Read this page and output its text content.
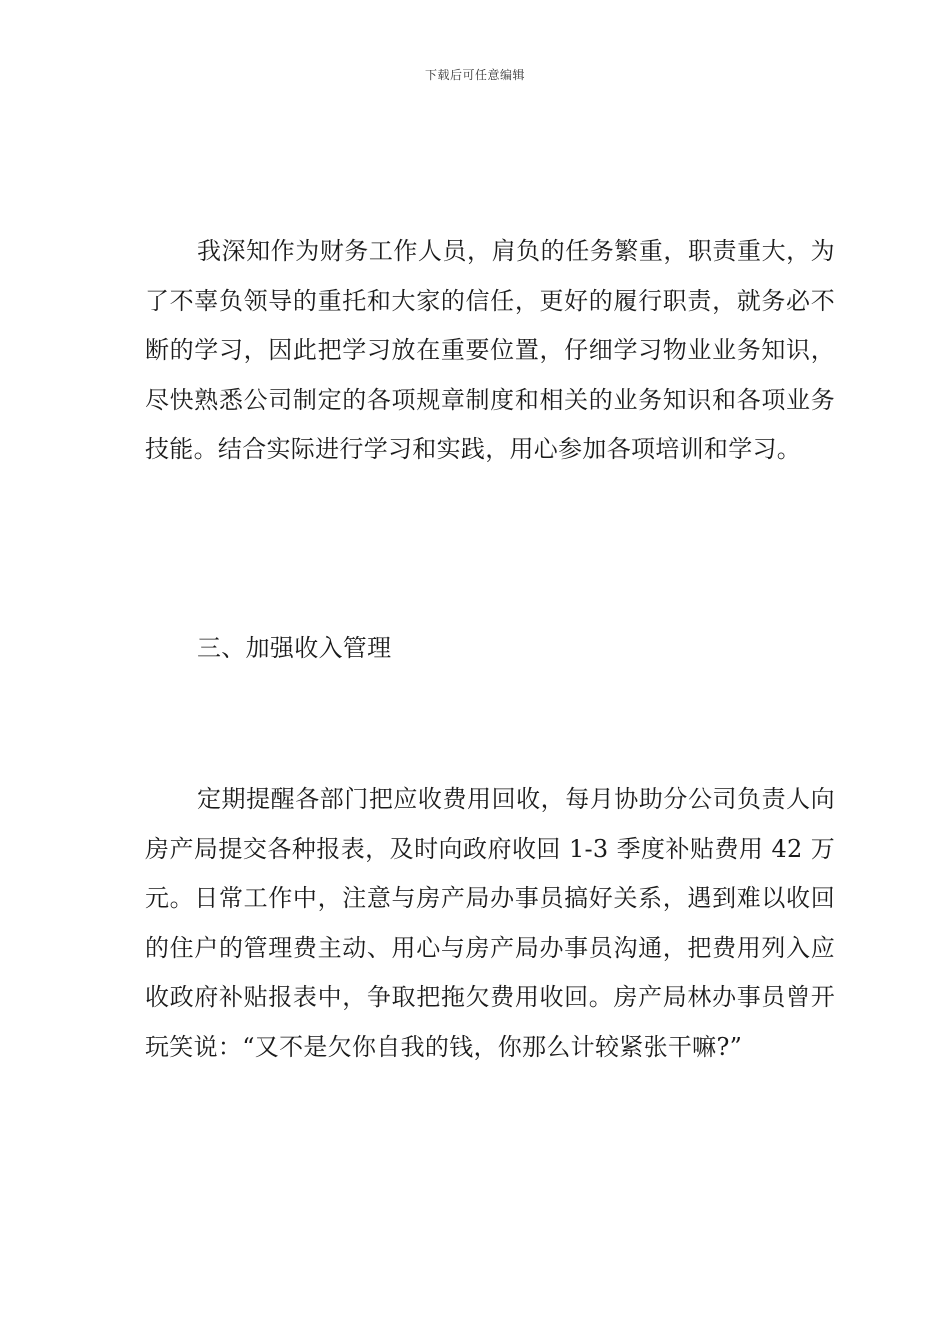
下载后可任意编辑

我深知作为财务工作人员，肩负的任务繁重，职责重大，为了不辜负领导的重托和大家的信任，更好的履行职责，就务必不断的学习，因此把学习放在重要位置，仔细学习物业业务知识，尽快熟悉公司制定的各项规章制度和相关的业务知识和各项业务技能。结合实际进行学习和实践，用心参加各项培训和学习。

三、加强收入管理

定期提醒各部门把应收费用回收，每月协助分公司负责人向房产局提交各种报表，及时向政府收回 1-3 季度补贴费用 42 万元。日常工作中，注意与房产局办事员搞好关系，遇到难以收回的住户的管理费主动、用心与房产局办事员沟通，把费用列入应收政府补贴报表中，争取把拖欠费用收回。房产局林办事员曾开玩笑说：“又不是欠你自我的钱，你那么计较紧张干嘛?”
